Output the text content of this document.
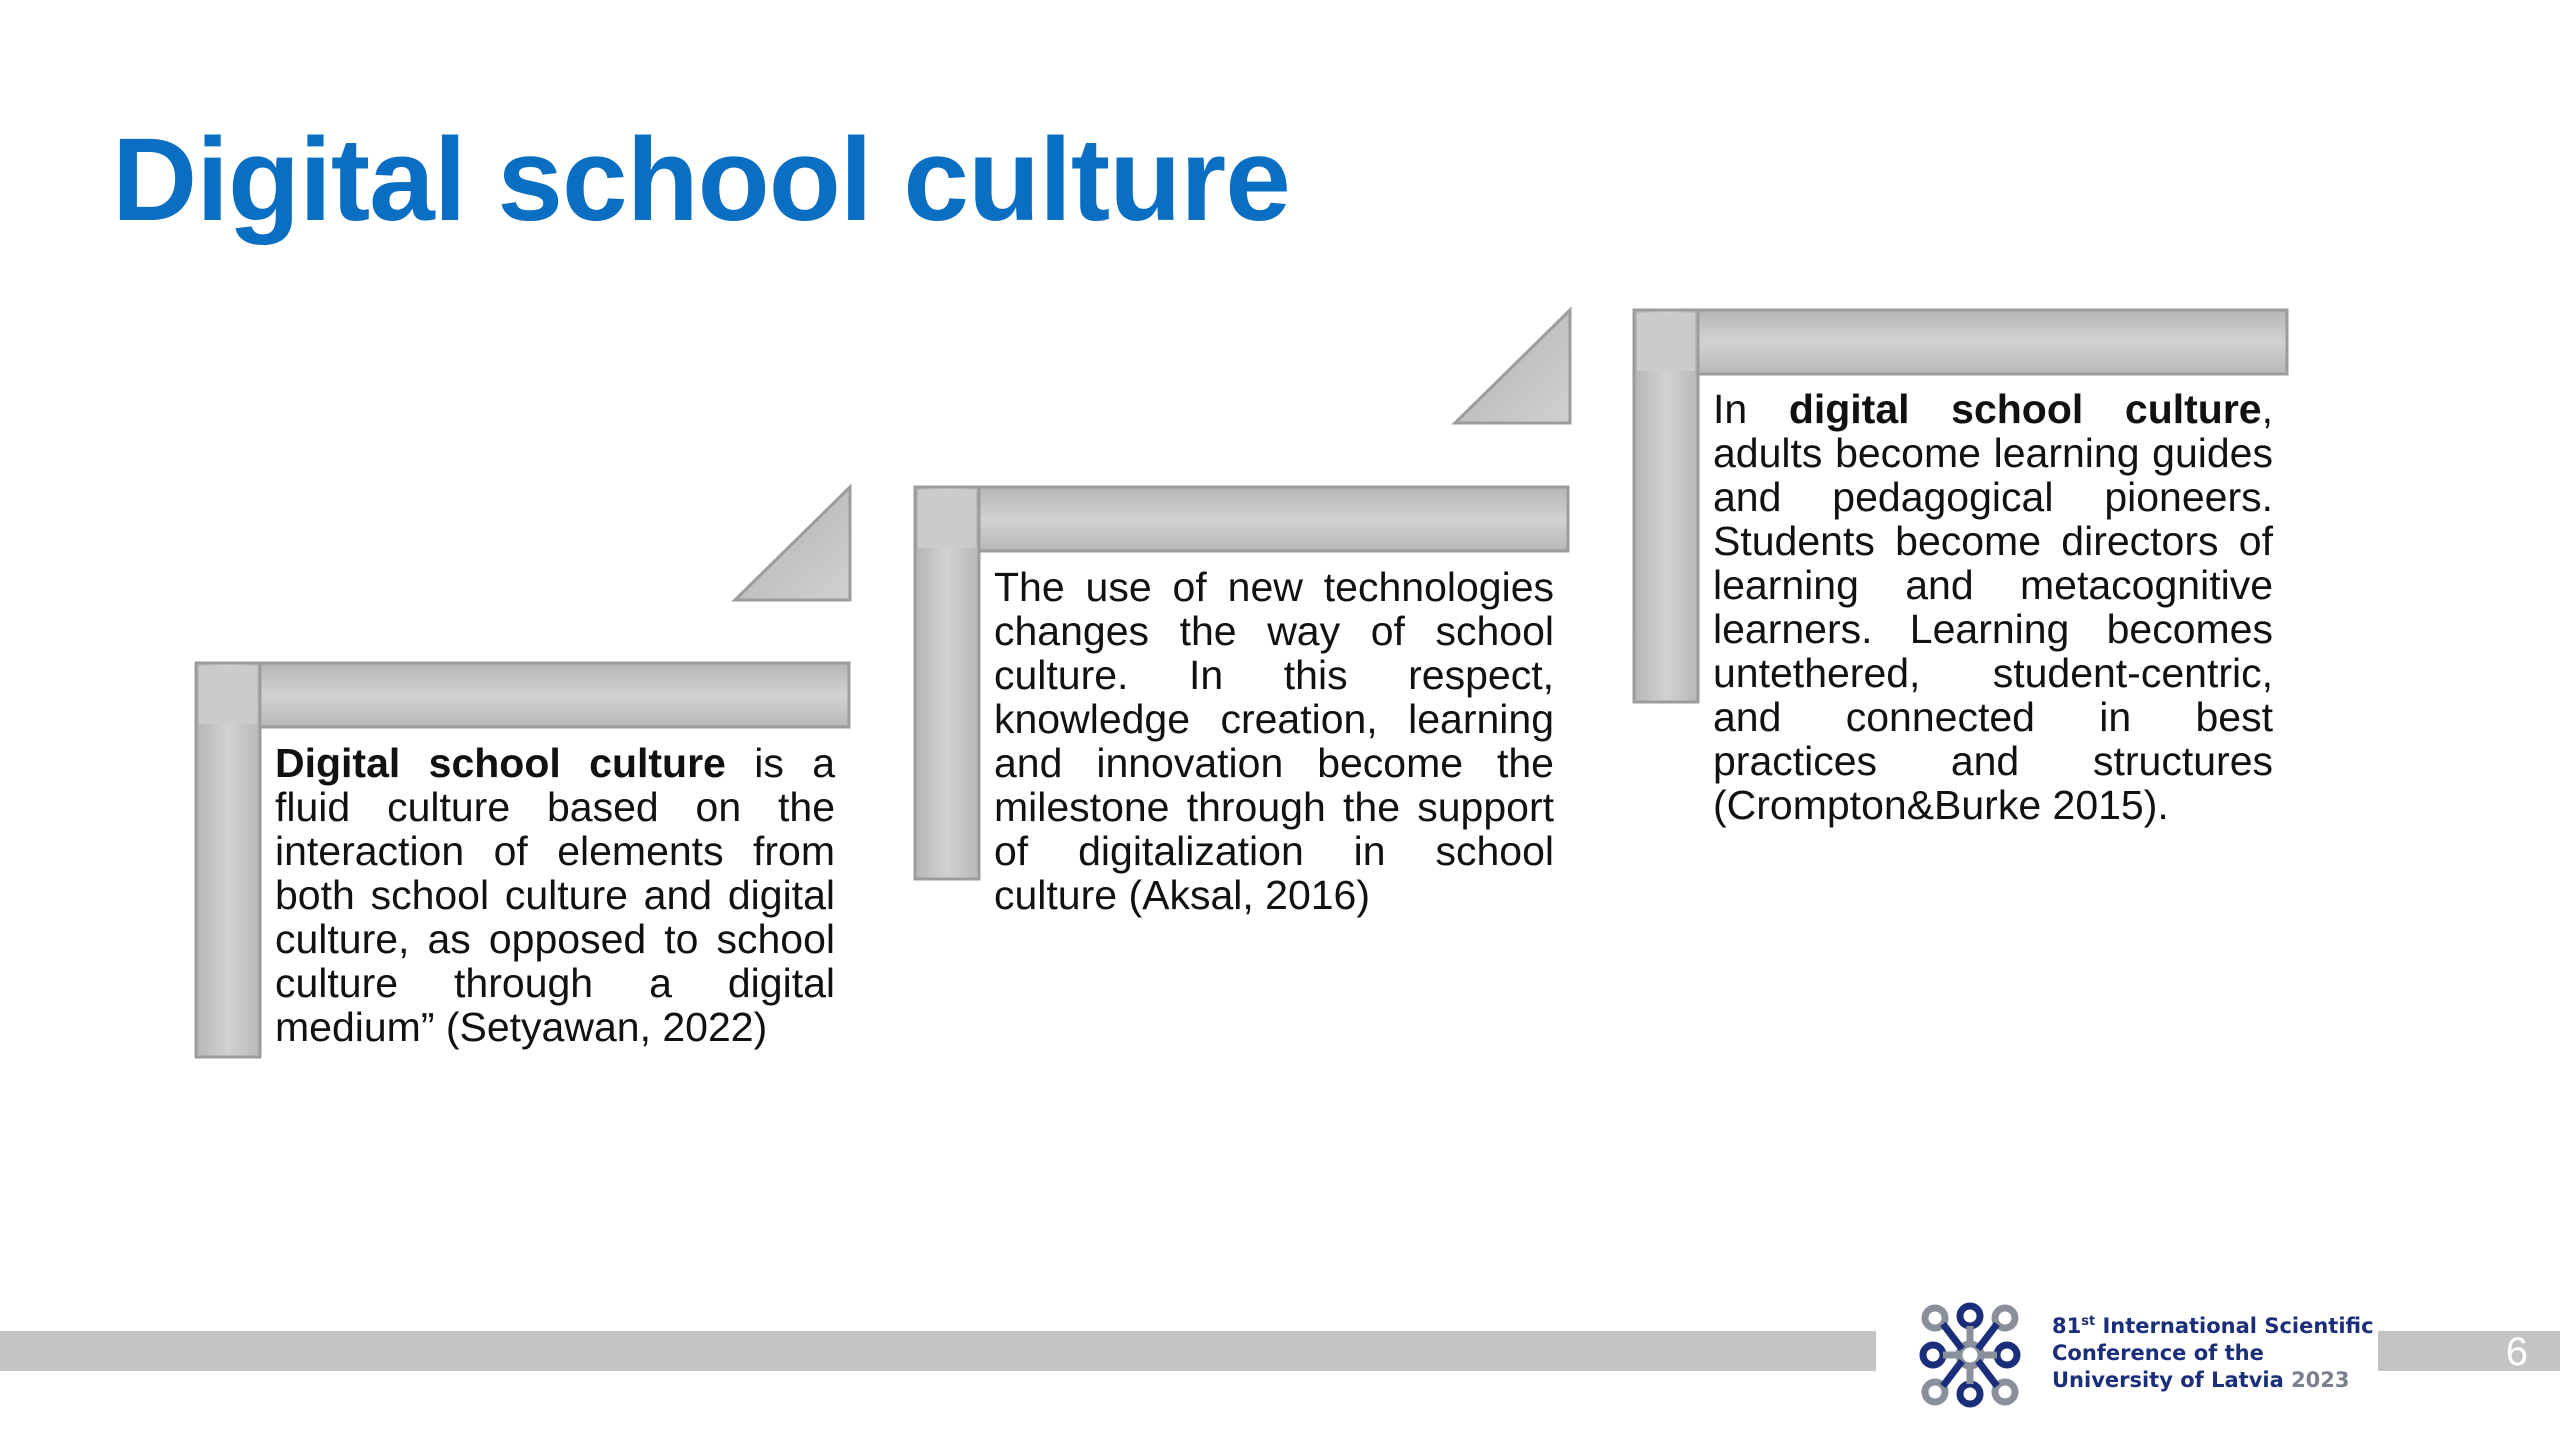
Digital school culture

Digital school culture is a fluid culture based on the interaction of elements from both school culture and digital culture, as opposed to school culture through a digital medium” (Setyawan, 2022)

The use of new technologies changes the way of school culture. In this respect, knowledge creation, learning and innovation become the milestone through the support of digitalization in school culture (Aksal, 2016)

In digital school culture, adults become learning guides and pedagogical pioneers. Students become directors of learning and metacognitive learners. Learning becomes untethered, student-centric, and connected in best practices and structures (Crompton&Burke 2015).

6
81st International Scientific
Conference of the
University of Latvia 2023
